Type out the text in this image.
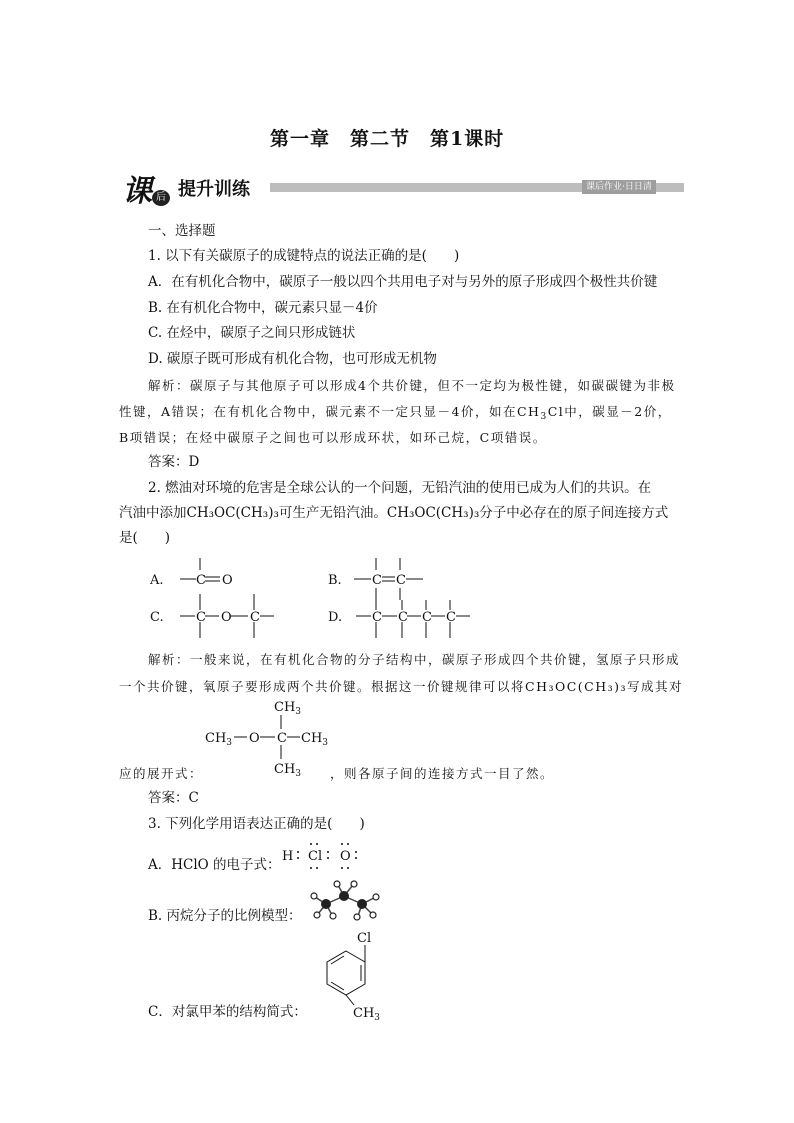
第一章　第二节　第1课时
课 后 提升训练	课后作业·日日清
一、选择题
1. 以下有关碳原子的成键特点的说法正确的是(　　)
A．在有机化合物中，碳原子一般以四个共用电子对与另外的原子形成四个极性共价键
B. 在有机化合物中，碳元素只显－4价
C. 在烃中，碳原子之间只形成链状
D. 碳原子既可形成有机化合物，也可形成无机物
解析：碳原子与其他原子可以形成4个共价键，但不一定均为极性键，如碳碳键为非极
性键，A错误；在有机化合物中，碳元素不一定只显－4价，如在$CH_3Cl$中，碳显－2价，
B项错误；在烃中碳原子之间也可以形成环状，如环己烷，C项错误。
答案：D
2. 燃油对环境的危害是全球公认的一个问题，无铅汽油的使用已成为人们的共识。在
汽油中添加CH₃OC(CH₃)₃可生产无铅汽油。CH₃OC(CH₃)₃分子中必存在的原子间连接方式
是(　　)
A. C O	B. C C
C. C O C	D. C C C C
解析：一般来说，在有机化合物的分子结构中，碳原子形成四个共价键，氢原子只形成
一个共价键，氧原子要形成两个共价键。根据这一价键规律可以将CH₃OC(CH₃)₃写成其对
$CH_3$
$CH_3$ O C $CH_3$
$CH_3$
应的展开式：	，则各原子间的连接方式一目了然。
答案：C
3. 下列化学用语表达正确的是(　　)
A．HClO 的电子式：
H Cl O
B. 丙烷分子的比例模型：
C．对氯甲苯的结构简式：
Cl
$CH_3$
